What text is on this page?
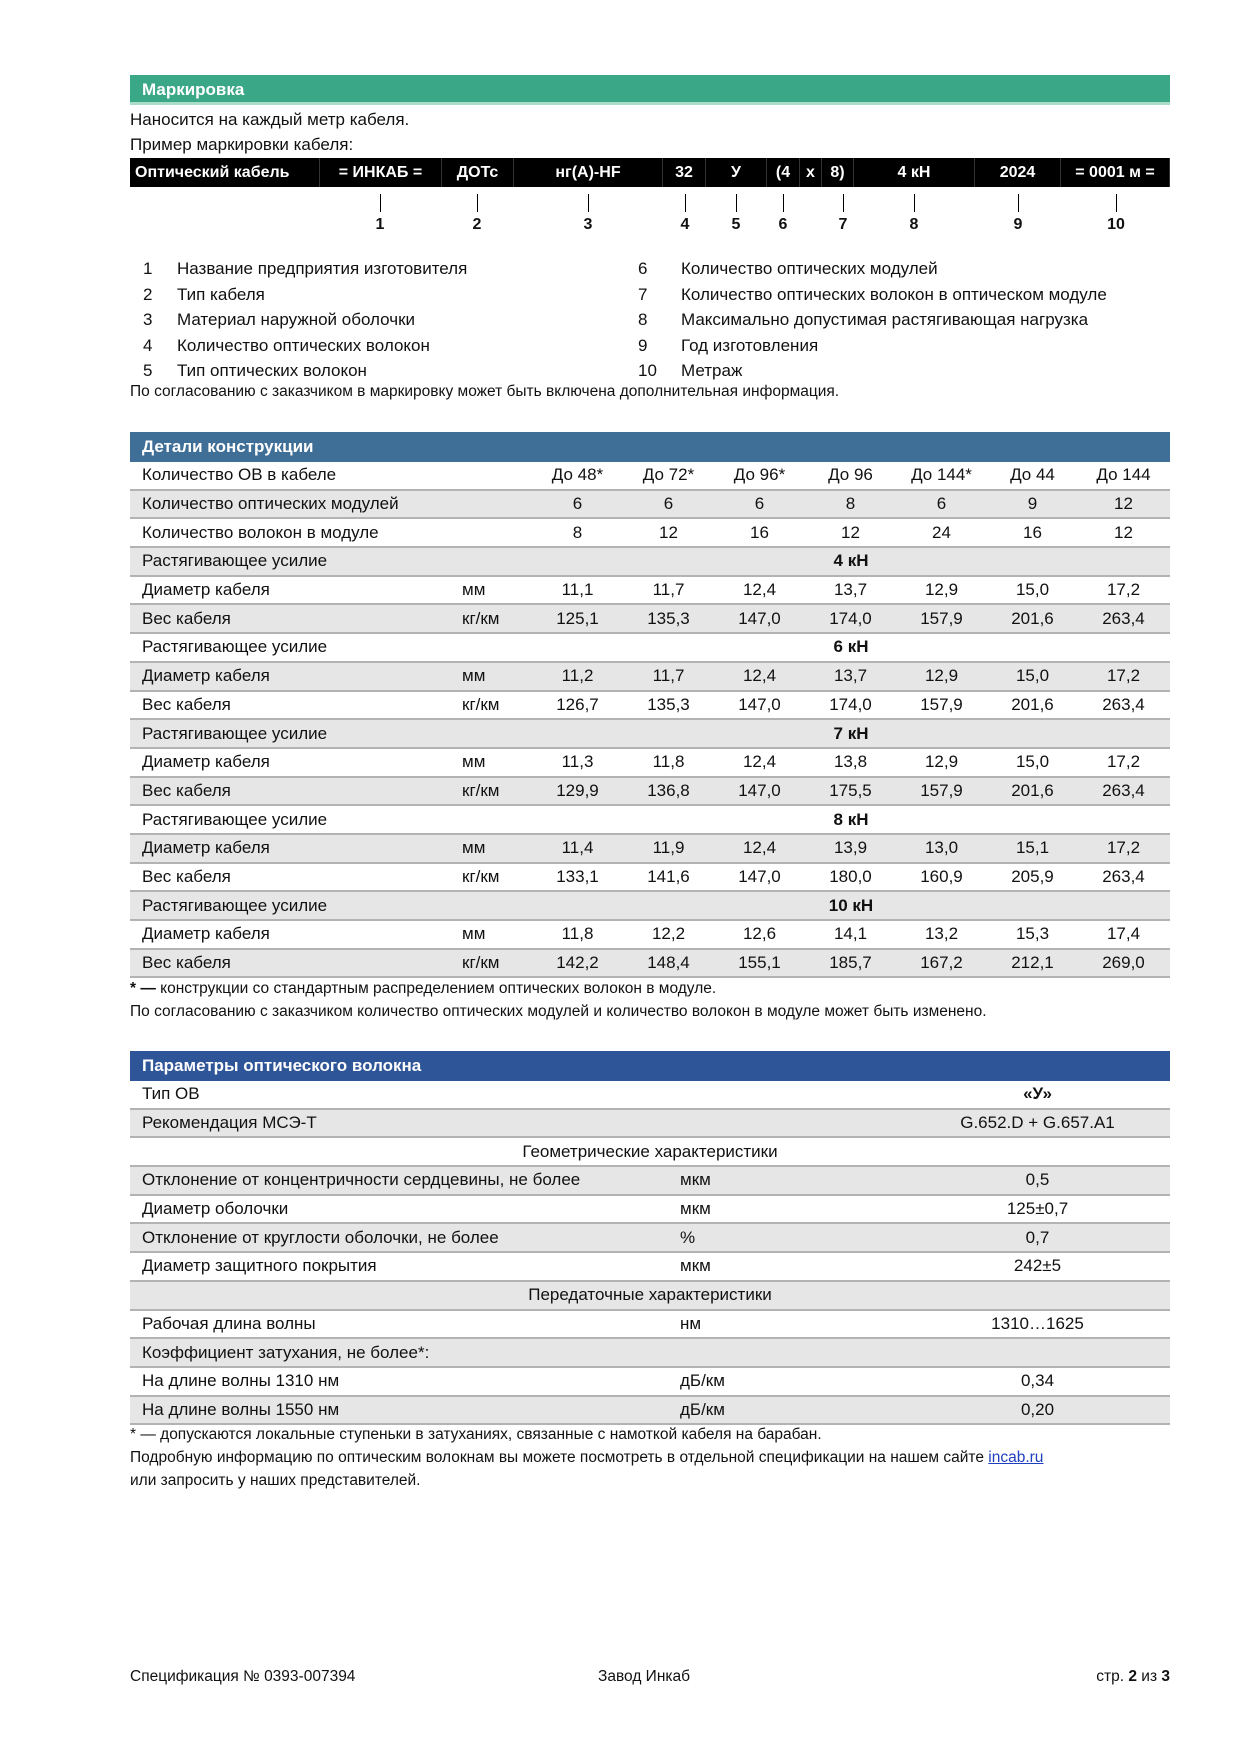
Маркировка
Наносится на каждый метр кабеля.
Пример маркировки кабеля:
Оптический кабель	= ИНКАБ =	ДОТс	нг(А)-HF	32	У	(4 x 8)	4 кН	2024	= 0001 м =
1	2	3	4	5	6	7	8	9	10
1 Название предприятия изготовителя
2 Тип кабеля
3 Материал наружной оболочки
4 Количество оптических волокон
5 Тип оптических волокон
6 Количество оптических модулей
7 Количество оптических волокон в оптическом модуле
8 Максимально допустимая растягивающая нагрузка
9 Год изготовления
10 Метраж
По согласованию с заказчиком в маркировку может быть включена дополнительная информация.
Детали конструкции
Количество ОВ в кабеле	До 48*	До 72*	До 96*	До 96	До 144*	До 44	До 144
Количество оптических модулей	6	6	6	8	6	9	12
Количество волокон в модуле	8	12	16	12	24	16	12
Растягивающее усилие	4 кН
Диаметр кабеля	мм	11,1	11,7	12,4	13,7	12,9	15,0	17,2
Вес кабеля	кг/км	125,1	135,3	147,0	174,0	157,9	201,6	263,4
Растягивающее усилие	6 кН
Диаметр кабеля	мм	11,2	11,7	12,4	13,7	12,9	15,0	17,2
Вес кабеля	кг/км	126,7	135,3	147,0	174,0	157,9	201,6	263,4
Растягивающее усилие	7 кН
Диаметр кабеля	мм	11,3	11,8	12,4	13,8	12,9	15,0	17,2
Вес кабеля	кг/км	129,9	136,8	147,0	175,5	157,9	201,6	263,4
Растягивающее усилие	8 кН
Диаметр кабеля	мм	11,4	11,9	12,4	13,9	13,0	15,1	17,2
Вес кабеля	кг/км	133,1	141,6	147,0	180,0	160,9	205,9	263,4
Растягивающее усилие	10 кН
Диаметр кабеля	мм	11,8	12,2	12,6	14,1	13,2	15,3	17,4
Вес кабеля	кг/км	142,2	148,4	155,1	185,7	167,2	212,1	269,0
* — конструкции со стандартным распределением оптических волокон в модуле.
По согласованию с заказчиком количество оптических модулей и количество волокон в модуле может быть изменено.
Параметры оптического волокна
Тип ОВ	«У»
Рекомендация МСЭ-Т	G.652.D + G.657.A1
Геометрические характеристики
Отклонение от концентричности сердцевины, не более	мкм	0,5
Диаметр оболочки	мкм	125±0,7
Отклонение от круглости оболочки, не более	%	0,7
Диаметр защитного покрытия	мкм	242±5
Передаточные характеристики
Рабочая длина волны	нм	1310…1625
Коэффициент затухания, не более*:
На длине волны 1310 нм	дБ/км	0,34
На длине волны 1550 нм	дБ/км	0,20
* — допускаются локальные ступеньки в затуханиях, связанные с намоткой кабеля на барабан.
Подробную информацию по оптическим волокнам вы можете посмотреть в отдельной спецификации на нашем сайте incab.ru
или запросить у наших представителей.
Спецификация № 0393-007394	Завод Инкаб	стр. 2 из 3
